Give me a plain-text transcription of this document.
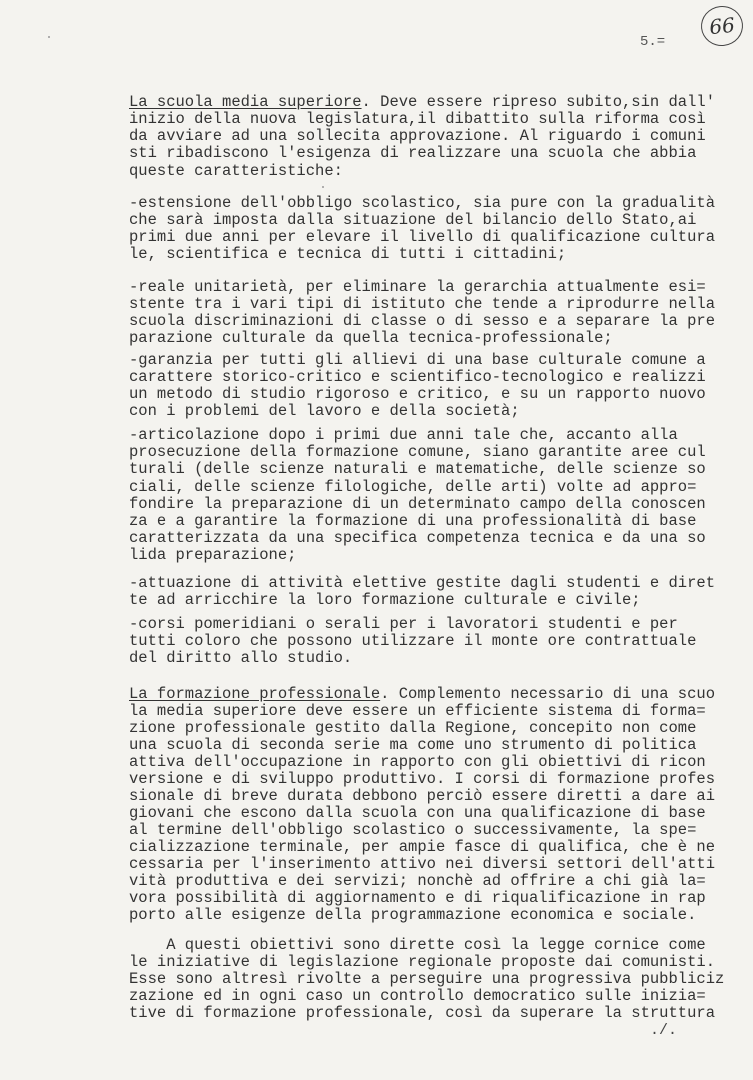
66
5.=
La scuola media superiore. Deve essere ripreso subito,sin dall'
inizio della nuova legislatura,il dibattito sulla riforma così
da avviare ad una sollecita approvazione. Al riguardo i comuni
sti ribadiscono l'esigenza di realizzare una scuola che abbia
queste caratteristiche:
-estensione dell'obbligo scolastico, sia pure con la gradualità
che sarà imposta dalla situazione del bilancio dello Stato,ai
primi due anni per elevare il livello di qualificazione cultura
le, scientifica e tecnica di tutti i cittadini;
-reale unitarietà, per eliminare la gerarchia attualmente esi=
stente tra i vari tipi di istituto che tende a riprodurre nella
scuola discriminazioni di classe o di sesso e a separare la pre
parazione culturale da quella tecnica-professionale;
-garanzia per tutti gli allievi di una base culturale comune a
carattere storico-critico e scientifico-tecnologico e realizzi
un metodo di studio rigoroso e critico, e su un rapporto nuovo
con i problemi del lavoro e della società;
-articolazione dopo i primi due anni tale che, accanto alla
prosecuzione della formazione comune, siano garantite aree cul
turali (delle scienze naturali e matematiche, delle scienze so
ciali, delle scienze filologiche, delle arti) volte ad appro=
fondire la preparazione di un determinato campo della conoscen
za e a garantire la formazione di una professionalità di base
caratterizzata da una specifica competenza tecnica e da una so
lida preparazione;
-attuazione di attività elettive gestite dagli studenti e diret
te ad arricchire la loro formazione culturale e civile;
-corsi pomeridiani o serali per i lavoratori studenti e per
tutti coloro che possono utilizzare il monte ore contrattuale
del diritto allo studio.
La formazione professionale. Complemento necessario di una scuo
la media superiore deve essere un efficiente sistema di forma=
zione professionale gestito dalla Regione, concepito non come
una scuola di seconda serie ma come uno strumento di politica
attiva dell'occupazione in rapporto con gli obiettivi di ricon
versione e di sviluppo produttivo. I corsi di formazione profes
sionale di breve durata debbono perciò essere diretti a dare ai
giovani che escono dalla scuola con una qualificazione di base
al termine dell'obbligo scolastico o successivamente, la spe=
cializzazione terminale, per ampie fasce di qualifica, che è ne
cessaria per l'inserimento attivo nei diversi settori dell'atti
vità produttiva e dei servizi; nonchè ad offrire a chi già la=
vora possibilità di aggiornamento e di riqualificazione in rap
porto alle esigenze della programmazione economica e sociale.
A questi obiettivi sono dirette così la legge cornice come
le iniziative di legislazione regionale proposte dai comunisti.
Esse sono altresì rivolte a perseguire una progressiva pubbliciz
zazione ed in ogni caso un controllo democratico sulle inizia=
tive di formazione professionale, così da superare la struttura
./.
